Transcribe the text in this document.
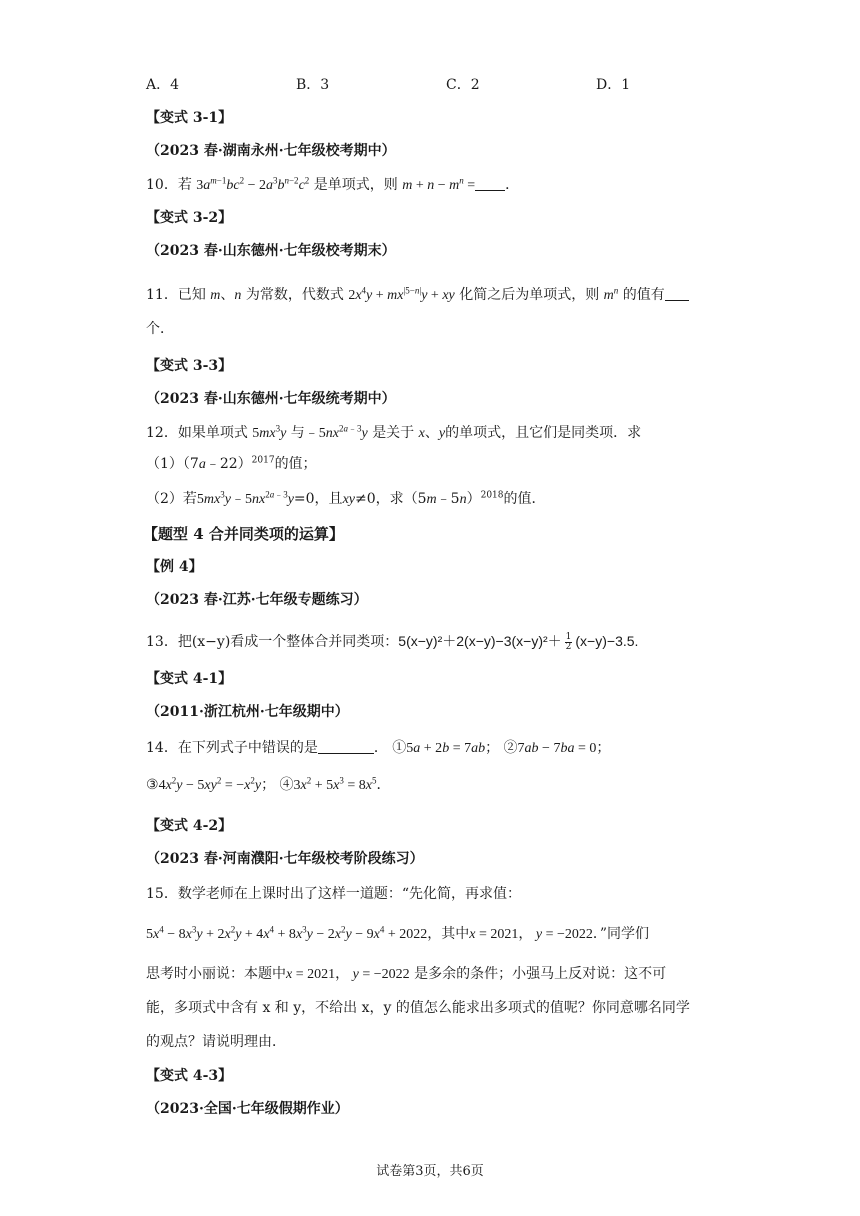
A．4	B．3	C．2	D．1
【变式 3-1】
（2023 春·湖南永州·七年级校考期中）
10．若 $3a^{m-1}bc^2 - 2a^3b^{n-2}c^2$ 是单项式，则 $m + n - m^n$ = ．
【变式 3-2】
（2023 春·山东德州·七年级校考期末）
11．已知 m、n 为常数，代数式 $2x^4y + mx^{|5-n|}y$ + xy 化简之后为单项式，则 $m^n$ 的值有
个．
【变式 3-3】
（2023 春·山东德州·七年级统考期中）
12．如果单项式 $5mx^3y$ 与$﹣5nx^{2a﹣3}y$ 是关于 x、y的单项式，且它们是同类项．求
（1）（7a﹣22）$^{2017}$的值；
（2）若$5mx^3y﹣5nx^{2a﹣3}y=0$，且xy≠0，求（5m﹣5n）$^{2018}$的值．
【题型 4 合并同类项的运算】
【例 4】
（2023 春·江苏·七年级专题练习）
13．把(x−y)看成一个整体合并同类项：$5(x-y)^2+2(x-y)-3(x-y)^2+ \frac{1}{2} (x-y)-3.5$.
【变式 4-1】
（2011·浙江杭州·七年级期中）
14．在下列式子中错误的是	． ①5a + 2b = 7ab； ②7ab − 7ba = 0；
$③4x^2y - 5xy^2 = -x^2y$； $④3x^2 + 5x^3 = 8x^5$．
【变式 4-2】
（2023 春·河南濮阳·七年级校考阶段练习）
15．数学老师在上课时出了这样一道题：“先化简，再求值：
$5x^4 - 8x^3y + 2x^2y + 4x^4 + 8x^3y - 2x^2y - 9x^4 + 2022$，其中x = 2021， y = −2022．”同学们
思考时小丽说：本题中x = 2021， y = −2022 是多余的条件；小强马上反对说：这不可
能，多项式中含有 x 和 y，不给出 x，y 的值怎么能求出多项式的值呢？你同意哪名同学
的观点？请说明理由．
【变式 4-3】
（2023·全国·七年级假期作业）
试卷第3页，共6页
